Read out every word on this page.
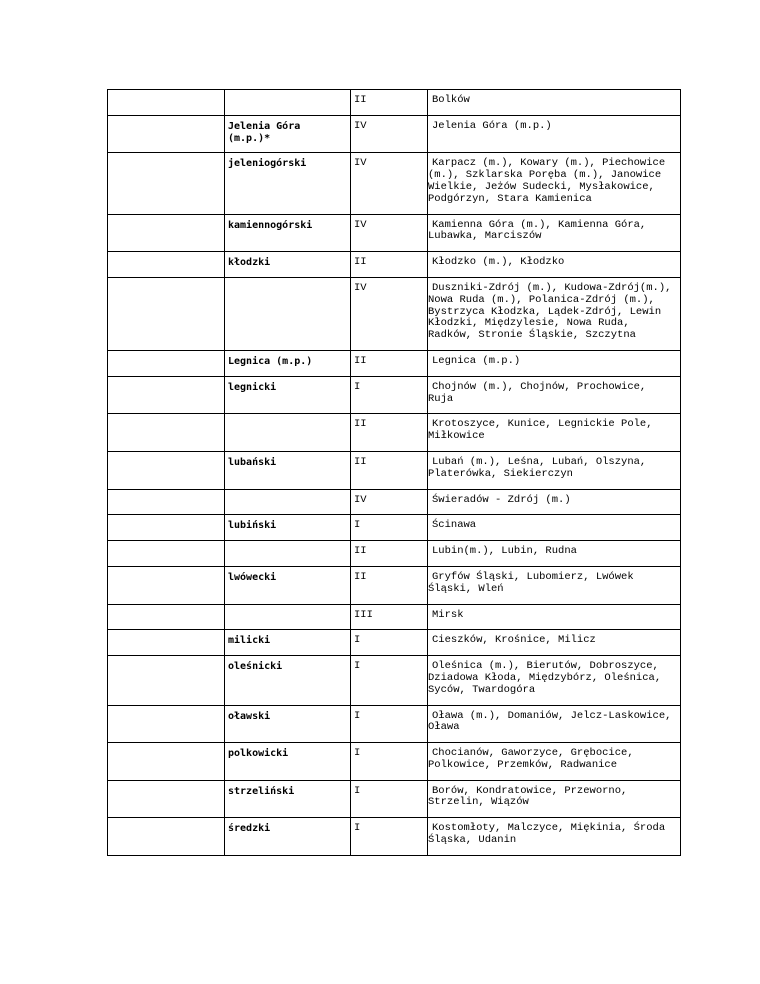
		II	Bolków
	Jelenia Góra (m.p.)*	IV	Jelenia Góra (m.p.)
	jeleniogórski	IV	Karpacz (m.), Kowary (m.), Piechowice (m.), Szklarska Poręba (m.), Janowice Wielkie, Jeżów Sudecki, Mysłakowice, Podgórzyn, Stara Kamienica
	kamiennogórski	IV	Kamienna Góra (m.), Kamienna Góra, Lubawka, Marciszów
	kłodzki	II	Kłodzko (m.), Kłodzko
		IV	Duszniki-Zdrój (m.), Kudowa-Zdrój(m.), Nowa Ruda (m.), Polanica-Zdrój (m.), Bystrzyca Kłodzka, Lądek-Zdrój, Lewin Kłodzki, Międzylesie, Nowa Ruda, Radków, Stronie Śląskie, Szczytna
	Legnica (m.p.)	II	Legnica (m.p.)
	legnicki	I	Chojnów (m.), Chojnów, Prochowice, Ruja
		II	Krotoszyce, Kunice, Legnickie Pole, Miłkowice
	lubański	II	Lubań (m.), Leśna, Lubań, Olszyna, Platerówka, Siekierczyn
		IV	Świeradów - Zdrój (m.)
	lubiński	I	Ścinawa
		II	Lubin(m.), Lubin, Rudna
	lwówecki	II	Gryfów Śląski, Lubomierz, Lwówek Śląski, Wleń
		III	Mirsk
	milicki	I	Cieszków, Krośnice, Milicz
	oleśnicki	I	Oleśnica (m.), Bierutów, Dobroszyce, Dziadowa Kłoda, Międzybórz, Oleśnica, Syców, Twardogóra
	oławski	I	Oława (m.), Domaniów, Jelcz-Laskowice, Oława
	polkowicki	I	Chocianów, Gaworzyce, Grębocice, Polkowice, Przemków, Radwanice
	strzeliński	I	Borów, Kondratowice, Przeworno, Strzelin, Wiązów
	średzki	I	Kostomłoty, Malczyce, Miękinia, Środa Śląska, Udanin
